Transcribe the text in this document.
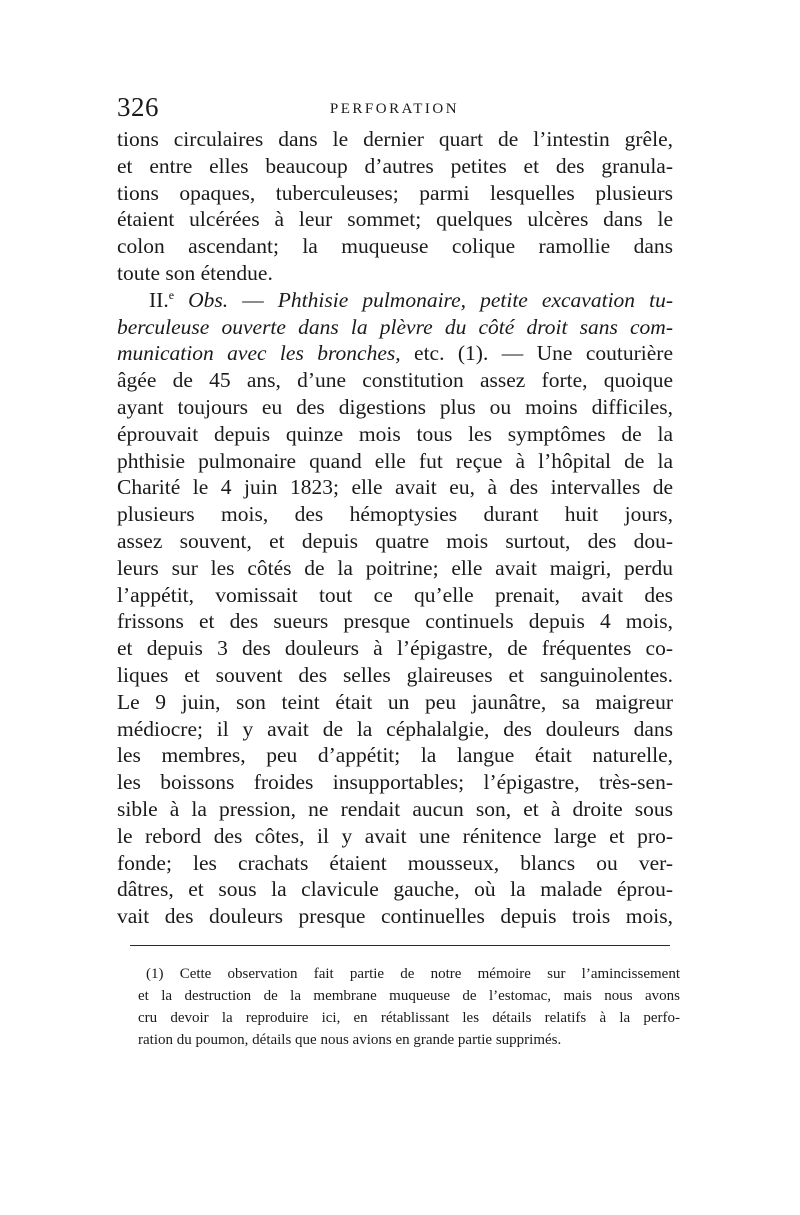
326	PERFORATION
tions circulaires dans le dernier quart de l’intestin grêle,
et entre elles beaucoup d’autres petites et des granula-
tions opaques, tuberculeuses; parmi lesquelles plusieurs
étaient ulcérées à leur sommet; quelques ulcères dans le
colon ascendant; la muqueuse colique ramollie dans
toute son étendue.
II.$^e$ Obs. — Phthisie pulmonaire, petite excavation tu-
berculeuse ouverte dans la plèvre du côté droit sans com-
munication avec les bronches, etc. (1). — Une couturière
âgée de 45 ans, d’une constitution assez forte, quoique
ayant toujours eu des digestions plus ou moins difficiles,
éprouvait depuis quinze mois tous les symptômes de la
phthisie pulmonaire quand elle fut reçue à l’hôpital de la
Charité le 4 juin 1823; elle avait eu, à des intervalles de
plusieurs mois, des hémoptysies durant huit jours,
assez souvent, et depuis quatre mois surtout, des dou-
leurs sur les côtés de la poitrine; elle avait maigri, perdu
l’appétit, vomissait tout ce qu’elle prenait, avait des
frissons et des sueurs presque continuels depuis 4 mois,
et depuis 3 des douleurs à l’épigastre, de fréquentes co-
liques et souvent des selles glaireuses et sanguinolentes.
Le 9 juin, son teint était un peu jaunâtre, sa maigreur
médiocre; il y avait de la céphalalgie, des douleurs dans
les membres, peu d’appétit; la langue était naturelle,
les boissons froides insupportables; l’épigastre, très-sen-
sible à la pression, ne rendait aucun son, et à droite sous
le rebord des côtes, il y avait une rénitence large et pro-
fonde; les crachats étaient mousseux, blancs ou ver-
dâtres, et sous la clavicule gauche, où la malade éprou-
vait des douleurs presque continuelles depuis trois mois,
(1) Cette observation fait partie de notre mémoire sur l’amincissement
et la destruction de la membrane muqueuse de l’estomac, mais nous avons
cru devoir la reproduire ici, en rétablissant les détails relatifs à la perfo-
ration du poumon, détails que nous avions en grande partie supprimés.
